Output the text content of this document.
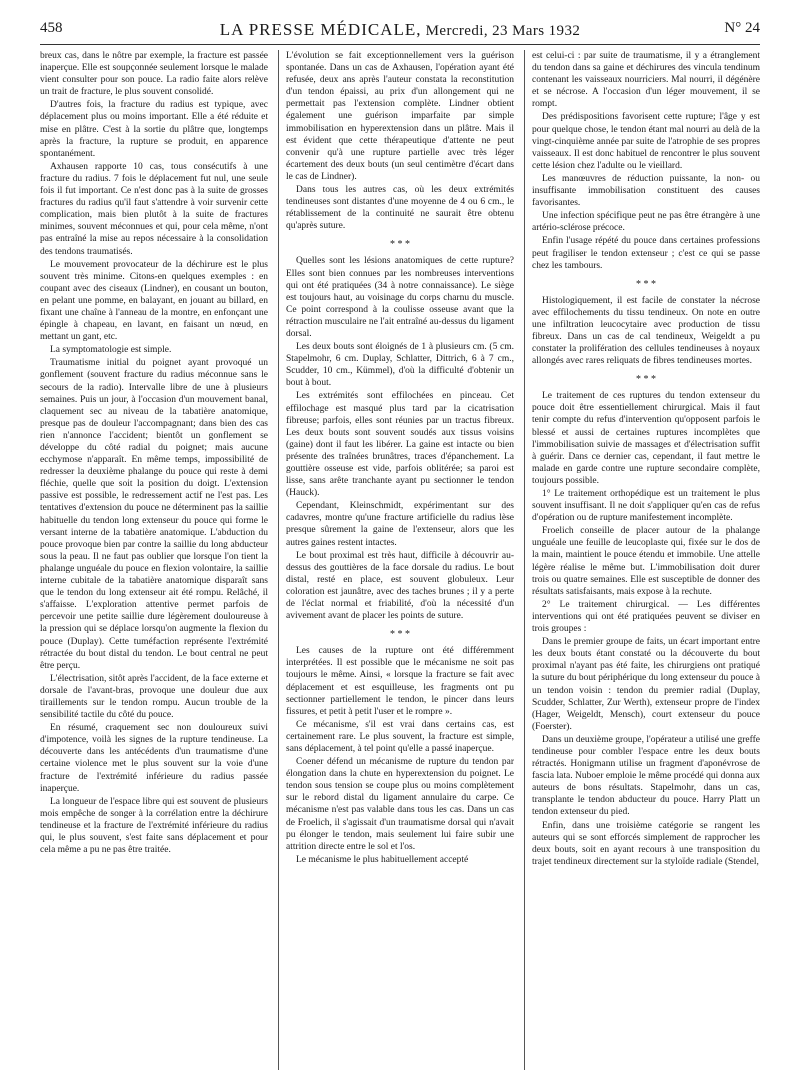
458	LA PRESSE MÉDICALE, Mercredi, 23 Mars 1932	N° 24

breux cas, dans le nôtre par exemple, la fracture est passée inaperçue. Elle est soupçonnée seulement lorsque le malade vient consulter pour son pouce. La radio faite alors relève un trait de fracture, le plus souvent consolidé.

D'autres fois, la fracture du radius est typique, avec déplacement plus ou moins important. Elle a été réduite et mise en plâtre. C'est à la sortie du plâtre que, longtemps après la fracture, la rupture se produit, en apparence spontanément.

Axhausen rapporte 10 cas, tous consécutifs à une fracture du radius. 7 fois le déplacement fut nul, une seule fois il fut important. Ce n'est donc pas à la suite de grosses fractures du radius qu'il faut s'attendre à voir survenir cette complication, mais bien plutôt à la suite de fractures minimes, souvent méconnues et qui, pour cela même, n'ont pas entraîné la mise au repos nécessaire à la consolidation des tendons traumatisés.

Le mouvement provocateur de la déchirure est le plus souvent très minime. Citons-en quelques exemples : en coupant avec des ciseaux (Lindner), en cousant un bouton, en pelant une pomme, en balayant, en jouant au billard, en fixant une chaîne à l'anneau de la montre, en enfonçant une épingle à chapeau, en lavant, en faisant un nœud, en mettant un gant, etc.

La symptomatologie est simple.

Traumatisme initial du poignet ayant provoqué un gonflement (souvent fracture du radius méconnue sans le secours de la radio). Intervalle libre de une à plusieurs semaines. Puis un jour, à l'occasion d'un mouvement banal, claquement sec au niveau de la tabatière anatomique, presque pas de douleur l'accompagnant; dans bien des cas rien n'annonce l'accident; bientôt un gonflement se développe du côté radial du poignet; mais aucune ecchymose n'apparaît. En même temps, impossibilité de redresser la deuxième phalange du pouce qui reste à demi fléchie, quelle que soit la position du doigt. L'extension passive est possible, le redressement actif ne l'est pas. Les tentatives d'extension du pouce ne déterminent pas la saillie habituelle du tendon long extenseur du pouce qui forme le versant interne de la tabatière anatomique. L'abduction du pouce provoque bien par contre la saillie du long abducteur sous la peau. Il ne faut pas oublier que lorsque l'on tient la phalange unguéale du pouce en flexion volontaire, la saillie interne cubitale de la tabatière anatomique disparaît sans que le tendon du long extenseur ait été rompu. Relâché, il s'affaisse. L'exploration attentive permet parfois de percevoir une petite saillie dure légèrement douloureuse à la pression qui se déplace lorsqu'on augmente la flexion du pouce (Duplay). Cette tuméfaction représente l'extrémité rétractée du bout distal du tendon. Le bout central ne peut être perçu.

L'électrisation, sitôt après l'accident, de la face externe et dorsale de l'avant-bras, provoque une douleur due aux tiraillements sur le tendon rompu. Aucun trouble de la sensibilité tactile du côté du pouce.

En résumé, craquement sec non douloureux suivi d'impotence, voilà les signes de la rupture tendineuse. La découverte dans les antécédents d'un traumatisme d'une certaine violence met le plus souvent sur la voie d'une fracture de l'extrémité inférieure du radius passée inaperçue.

La longueur de l'espace libre qui est souvent de plusieurs mois empêche de songer à la corrélation entre la déchirure tendineuse et la fracture de l'extrémité inférieure du radius qui, le plus souvent, s'est faite sans déplacement et pour cela même a pu ne pas être traitée.

L'évolution se fait exceptionnellement vers la guérison spontanée. Dans un cas de Axhausen, l'opération ayant été refusée, deux ans après l'auteur constata la reconstitution d'un tendon épaissi, au prix d'un allongement qui ne permettait pas l'extension complète. Lindner obtient également une guérison imparfaite par simple immobilisation en hyperextension dans un plâtre. Mais il est évident que cette thérapeutique d'attente ne peut convenir qu'à une rupture partielle avec très léger écartement des deux bouts (un seul centimètre d'écart dans le cas de Lindner).

Dans tous les autres cas, où les deux extrémités tendineuses sont distantes d'une moyenne de 4 ou 6 cm., le rétablissement de la continuité ne saurait être obtenu qu'après suture.

* * *

Quelles sont les lésions anatomiques de cette rupture? Elles sont bien connues par les nombreuses interventions qui ont été pratiquées (34 à notre connaissance). Le siège est toujours haut, au voisinage du corps charnu du muscle. Ce point correspond à la coulisse osseuse avant que la rétraction musculaire ne l'ait entraîné au-dessus du ligament dorsal.

Les deux bouts sont éloignés de 1 à plusieurs cm. (5 cm. Stapelmohr, 6 cm. Duplay, Schlatter, Dittrich, 6 à 7 cm., Scudder, 10 cm., Kümmel), d'où la difficulté d'obtenir un bout à bout.

Les extrémités sont effilochées en pinceau. Cet effilochage est masqué plus tard par la cicatrisation fibreuse; parfois, elles sont réunies par un tractus fibreux. Les deux bouts sont souvent soudés aux tissus voisins (gaine) dont il faut les libérer. La gaine est intacte ou bien présente des traînées brunâtres, traces d'épanchement. La gouttière osseuse est vide, parfois oblitérée; sa paroi est lisse, sans arête tranchante ayant pu sectionner le tendon (Hauck).

Cependant, Kleinschmidt, expérimentant sur des cadavres, montre qu'une fracture artificielle du radius lèse presque sûrement la gaine de l'extenseur, alors que les autres gaines restent intactes.

Le bout proximal est très haut, difficile à découvrir au-dessus des gouttières de la face dorsale du radius. Le bout distal, resté en place, est souvent globuleux. Leur coloration est jaunâtre, avec des taches brunes ; il y a perte de l'éclat normal et friabilité, d'où la nécessité d'un avivement avant de placer les points de suture.

* * *

Les causes de la rupture ont été différemment interprétées. Il est possible que le mécanisme ne soit pas toujours le même. Ainsi, « lorsque la fracture se fait avec déplacement et est esquilleuse, les fragments ont pu sectionner partiellement le tendon, le pincer dans leurs fissures, et petit à petit l'user et le rompre ».

Ce mécanisme, s'il est vrai dans certains cas, est certainement rare. Le plus souvent, la fracture est simple, sans déplacement, à tel point qu'elle a passé inaperçue.

Coener défend un mécanisme de rupture du tendon par élongation dans la chute en hyperextension du poignet. Le tendon sous tension se coupe plus ou moins complètement sur le rebord distal du ligament annulaire du carpe. Ce mécanisme n'est pas valable dans tous les cas. Dans un cas de Froelich, il s'agissait d'un traumatisme dorsal qui n'avait pu élonger le tendon, mais seulement lui faire subir une attrition directe entre le sol et l'os.

Le mécanisme le plus habituellement accepté

est celui-ci : par suite de traumatisme, il y a étranglement du tendon dans sa gaine et déchirures des vincula tendinum contenant les vaisseaux nourriciers. Mal nourri, il dégénère et se nécrose. A l'occasion d'un léger mouvement, il se rompt.

Des prédispositions favorisent cette rupture; l'âge y est pour quelque chose, le tendon étant mal nourri au delà de la vingt-cinquième année par suite de l'atrophie de ses propres vaisseaux. Il est donc habituel de rencontrer le plus souvent cette lésion chez l'adulte ou le vieillard.

Les manœuvres de réduction puissante, la non- ou insuffisante immobilisation constituent des causes favorisantes.

Une infection spécifique peut ne pas être étrangère à une artério-sclérose précoce.

Enfin l'usage répété du pouce dans certaines professions peut fragiliser le tendon extenseur ; c'est ce qui se passe chez les tambours.

* * *

Histologiquement, il est facile de constater la nécrose avec effilochements du tissu tendineux. On note en outre une infiltration leucocytaire avec production de tissu fibreux. Dans un cas de cal tendineux, Weigeldt a pu constater la prolifération des cellules tendineuses à noyaux allongés avec rares reliquats de fibres tendineuses mortes.

* * *

Le traitement de ces ruptures du tendon extenseur du pouce doit être essentiellement chirurgical. Mais il faut tenir compte du refus d'intervention qu'opposent parfois le blessé et aussi de certaines ruptures incomplètes que l'immobilisation suivie de massages et d'électrisation suffit à guérir. Dans ce dernier cas, cependant, il faut mettre le malade en garde contre une rupture secondaire complète, toujours possible.

1° Le traitement orthopédique est un traitement le plus souvent insuffisant. Il ne doit s'appliquer qu'en cas de refus d'opération ou de rupture manifestement incomplète.

Froelich conseille de placer autour de la phalange unguéale une feuille de leucoplaste qui, fixée sur le dos de la main, maintient le pouce étendu et immobile. Une attelle légère réalise le même but. L'immobilisation doit durer trois ou quatre semaines. Elle est susceptible de donner des résultats satisfaisants, mais expose à la rechute.

2° Le traitement chirurgical. — Les différentes interventions qui ont été pratiquées peuvent se diviser en trois groupes :

Dans le premier groupe de faits, un écart important entre les deux bouts étant constaté ou la découverte du bout proximal n'ayant pas été faite, les chirurgiens ont pratiqué la suture du bout périphérique du long extenseur du pouce à un tendon voisin : tendon du premier radial (Duplay, Scudder, Schlatter, Zur Werth), extenseur propre de l'index (Hager, Weigeldt, Mensch), court extenseur du pouce (Foerster).

Dans un deuxième groupe, l'opérateur a utilisé une greffe tendineuse pour combler l'espace entre les deux bouts rétractés. Honigmann utilise un fragment d'aponévrose de fascia lata. Nuboer emploie le même procédé qui donna aux auteurs de bons résultats. Stapelmohr, dans un cas, transplante le tendon abducteur du pouce. Harry Platt un tendon extenseur du pied.

Enfin, dans une troisième catégorie se rangent les auteurs qui se sont efforcés simplement de rapprocher les deux bouts, soit en ayant recours à une transposition du trajet tendineux directement sur la styloïde radiale (Stendel,
